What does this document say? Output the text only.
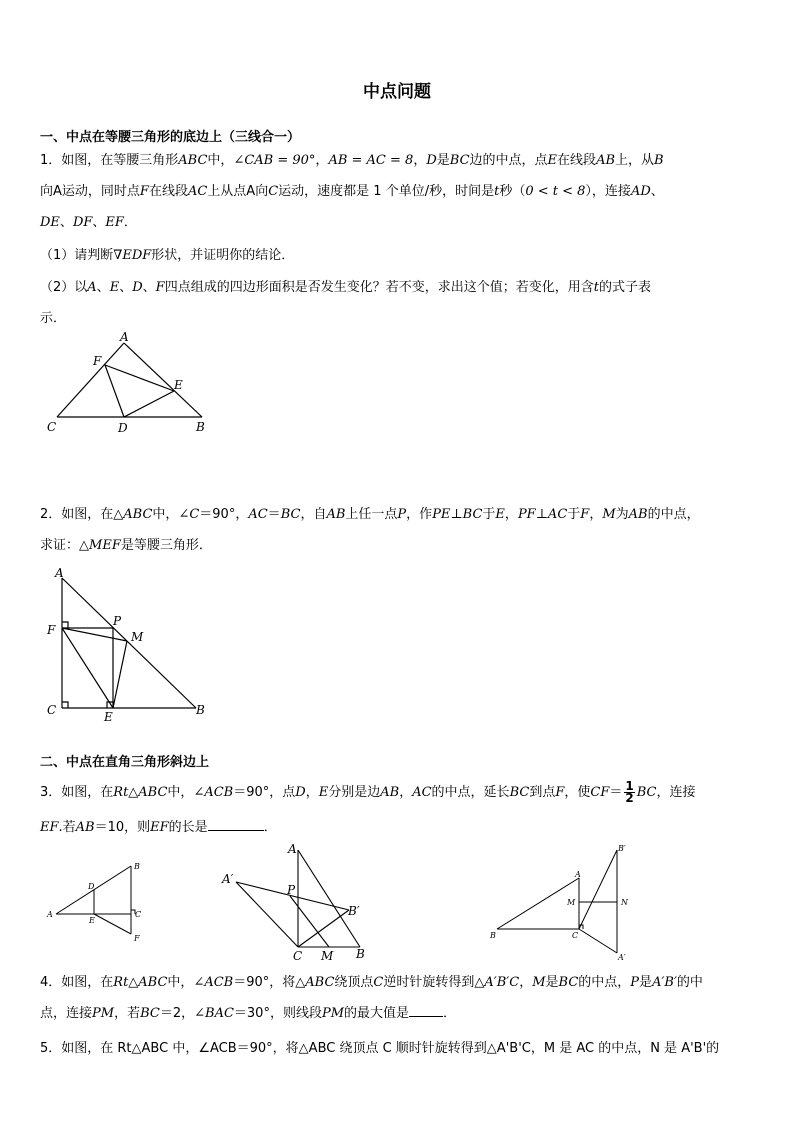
中点问题
一、中点在等腰三角形的底边上（三线合一）
1．如图，在等腰三角形ABC中，∠CAB = 90°，AB = AC = 8，D是BC边的中点，点E在线段AB上，从B
向A运动，同时点F在线段AC上从点A向C运动，速度都是 1 个单位/秒，时间是t秒（0 < t < 8），连接AD、
DE、DF、EF．
（1）请判断∇EDF形状，并证明你的结论．
（2）以A、E、D、F四点组成的四边形面积是否发生变化？若不变，求出这个值；若变化，用含t的式子表
示．
A
F
E
C	D	B
2．如图，在△ABC中，∠C＝90°，AC＝BC，自AB上任一点P，作PE⊥BC于E，PF⊥AC于F，M为AB的中点，
求证：△MEF是等腰三角形．
A
F
P
M
C	E	B
二、中点在直角三角形斜边上
3．如图，在Rt△ABC中，∠ACB＝90°，点D，E分别是边AB，AC的中点，延长BC到点F，使$CF= \frac{1}{2}$ BC，连接
EF.若AB＝10，则EF的长是	．
B
D
A
E
C
F
A
A′
P
B′
C M B
B′
A
M	N
B	C
A′
4．如图，在Rt△ABC中，∠ACB＝90°，将△ABC绕顶点C逆时针旋转得到△A′B′C，M是BC的中点，P是A′B′的中
点，连接PM，若BC＝2，∠BAC＝30°，则线段PM的最大值是	．
5．如图，在 Rt△ABC 中，∠ACB＝90°，将△ABC 绕顶点 C 顺时针旋转得到△A'B'C，M 是 AC 的中点，N 是 A'B'的
